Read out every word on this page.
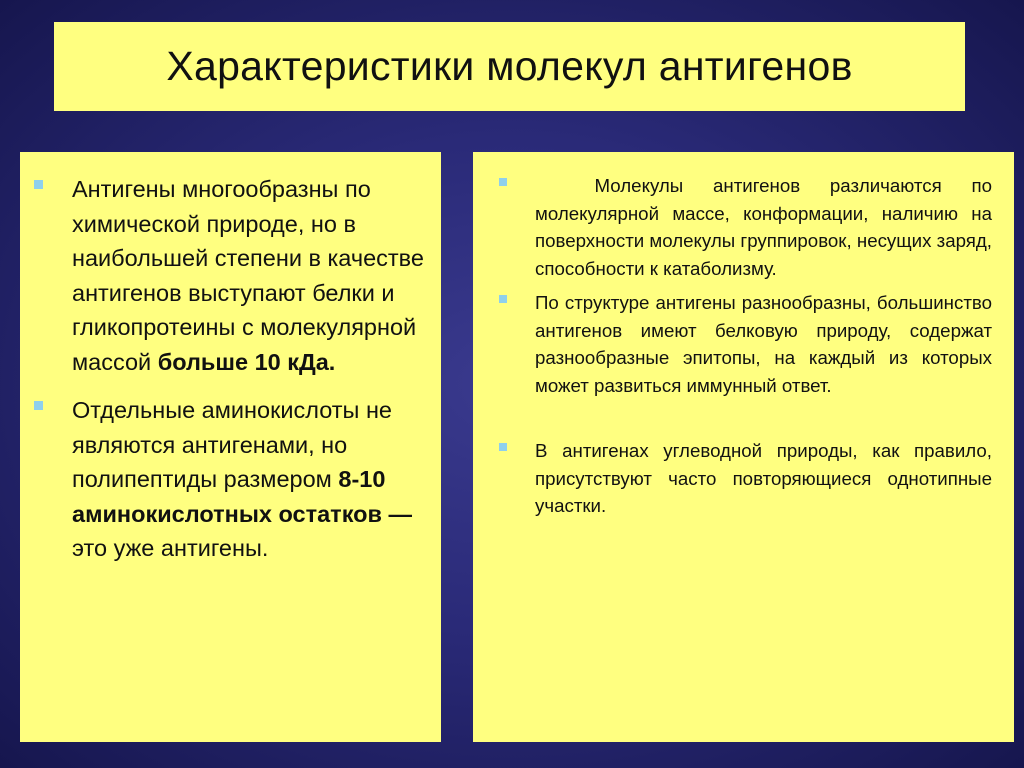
Характеристики молекул антигенов
Антигены многообразны по химической природе, но в наибольшей степени в качестве антигенов выступают белки и гликопротеины с молекулярной массой больше 10 кДа.
Отдельные аминокислоты не являются антигенами, но полипептиды размером 8-10 аминокислотных остатков — это уже антигены.
Молекулы антигенов различаются по молекулярной массе, конформации, наличию на поверхности молекулы группировок, несущих заряд, способности к катаболизму.
По структуре антигены разнообразны, большинство антигенов имеют белковую природу, содержат разнообразные эпитопы, на каждый из которых может развиться иммунный ответ.
В антигенах углеводной природы, как правило, присутствуют часто повторяющиеся однотипные участки.
